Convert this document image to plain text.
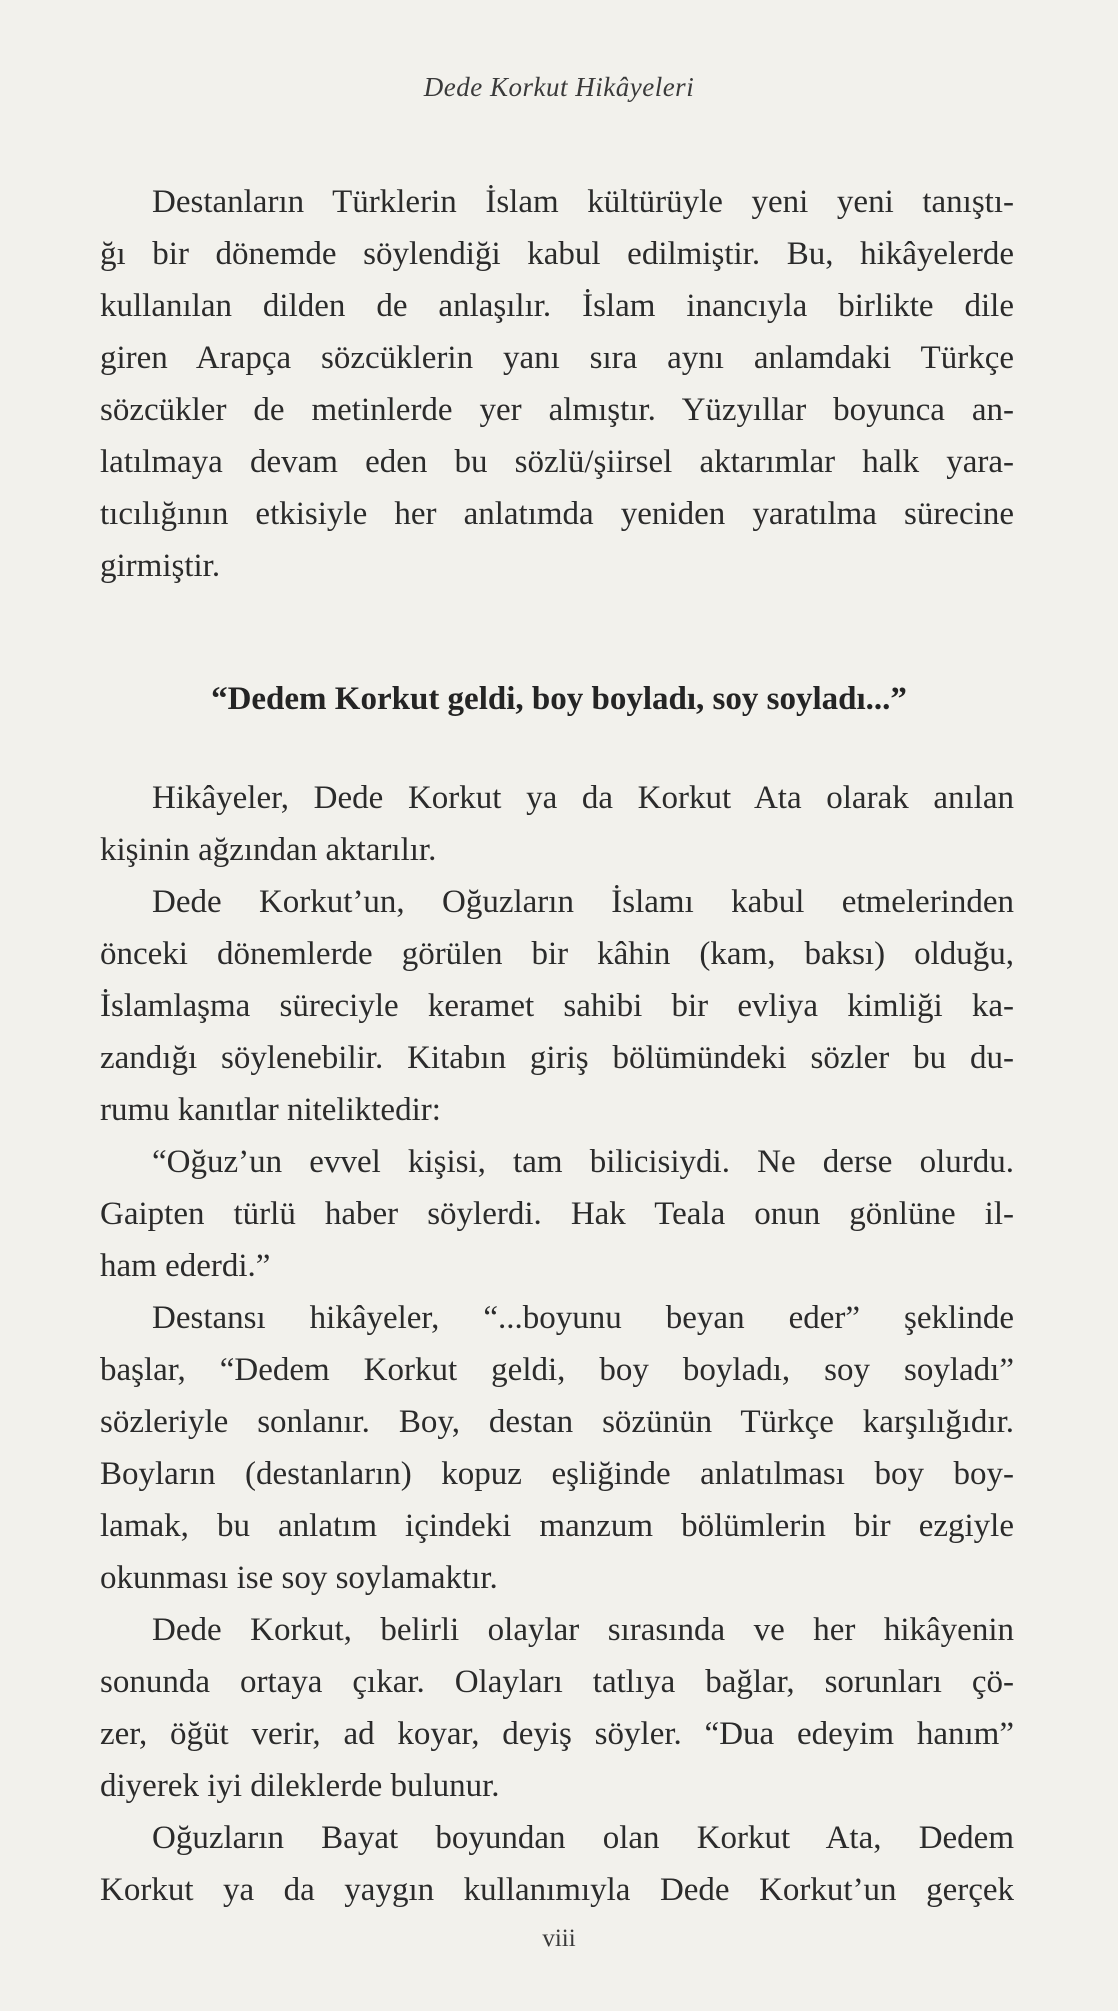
Dede Korkut Hikâyeleri
Destanların Türklerin İslam kültürüyle yeni yeni tanıştı-
ğı bir dönemde söylendiği kabul edilmiştir. Bu, hikâyelerde
kullanılan dilden de anlaşılır. İslam inancıyla birlikte dile
giren Arapça sözcüklerin yanı sıra aynı anlamdaki Türkçe
sözcükler de metinlerde yer almıştır. Yüzyıllar boyunca an-
latılmaya devam eden bu sözlü/şiirsel aktarımlar halk yara-
tıcılığının etkisiyle her anlatımda yeniden yaratılma sürecine
girmiştir.
“Dedem Korkut geldi, boy boyladı, soy soyladı...”
Hikâyeler, Dede Korkut ya da Korkut Ata olarak anılan
kişinin ağzından aktarılır.
Dede Korkut’un, Oğuzların İslamı kabul etmelerinden
önceki dönemlerde görülen bir kâhin (kam, baksı) olduğu,
İslamlaşma süreciyle keramet sahibi bir evliya kimliği ka-
zandığı söylenebilir. Kitabın giriş bölümündeki sözler bu du-
rumu kanıtlar niteliktedir:
“Oğuz’un evvel kişisi, tam bilicisiydi. Ne derse olurdu.
Gaipten türlü haber söylerdi. Hak Teala onun gönlüne il-
ham ederdi.”
Destansı hikâyeler, “...boyunu beyan eder” şeklinde
başlar, “Dedem Korkut geldi, boy boyladı, soy soyladı”
sözleriyle sonlanır. Boy, destan sözünün Türkçe karşılığıdır.
Boyların (destanların) kopuz eşliğinde anlatılması boy boy-
lamak, bu anlatım içindeki manzum bölümlerin bir ezgiyle
okunması ise soy soylamaktır.
Dede Korkut, belirli olaylar sırasında ve her hikâyenin
sonunda ortaya çıkar. Olayları tatlıya bağlar, sorunları çö-
zer, öğüt verir, ad koyar, deyiş söyler. “Dua edeyim hanım”
diyerek iyi dileklerde bulunur.
Oğuzların Bayat boyundan olan Korkut Ata, Dedem
Korkut ya da yaygın kullanımıyla Dede Korkut’un gerçek
viii
